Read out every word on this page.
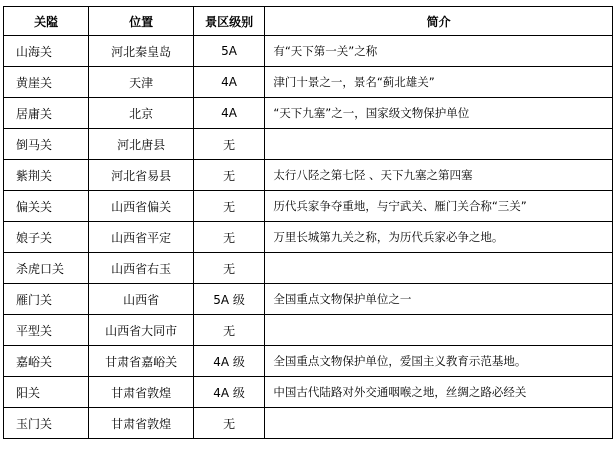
关隘	位置	景区级别	简介
山海关	河北秦皇岛	5A	有“天下第一关”之称
黄崖关	天津	4A	津门十景之一，景名“蓟北雄关”
居庸关	北京	4A	“天下九塞”之一，国家级文物保护单位
倒马关	河北唐县	无	
紫荆关	河北省易县	无	太行八陉之第七陉 、天下九塞之第四塞
偏关关	山西省偏关	无	历代兵家争夺重地，与宁武关、雁门关合称“三关”
娘子关	山西省平定	无	万里长城第九关之称，为历代兵家必争之地。
杀虎口关	山西省右玉	无	
雁门关	山西省	5A 级	全国重点文物保护单位之一
平型关	山西省大同市	无	
嘉峪关	甘肃省嘉峪关	4A 级	全国重点文物保护单位，爱国主义教育示范基地。
阳关	甘肃省敦煌	4A 级	中国古代陆路对外交通咽喉之地，丝绸之路必经关
玉门关	甘肃省敦煌	无	
